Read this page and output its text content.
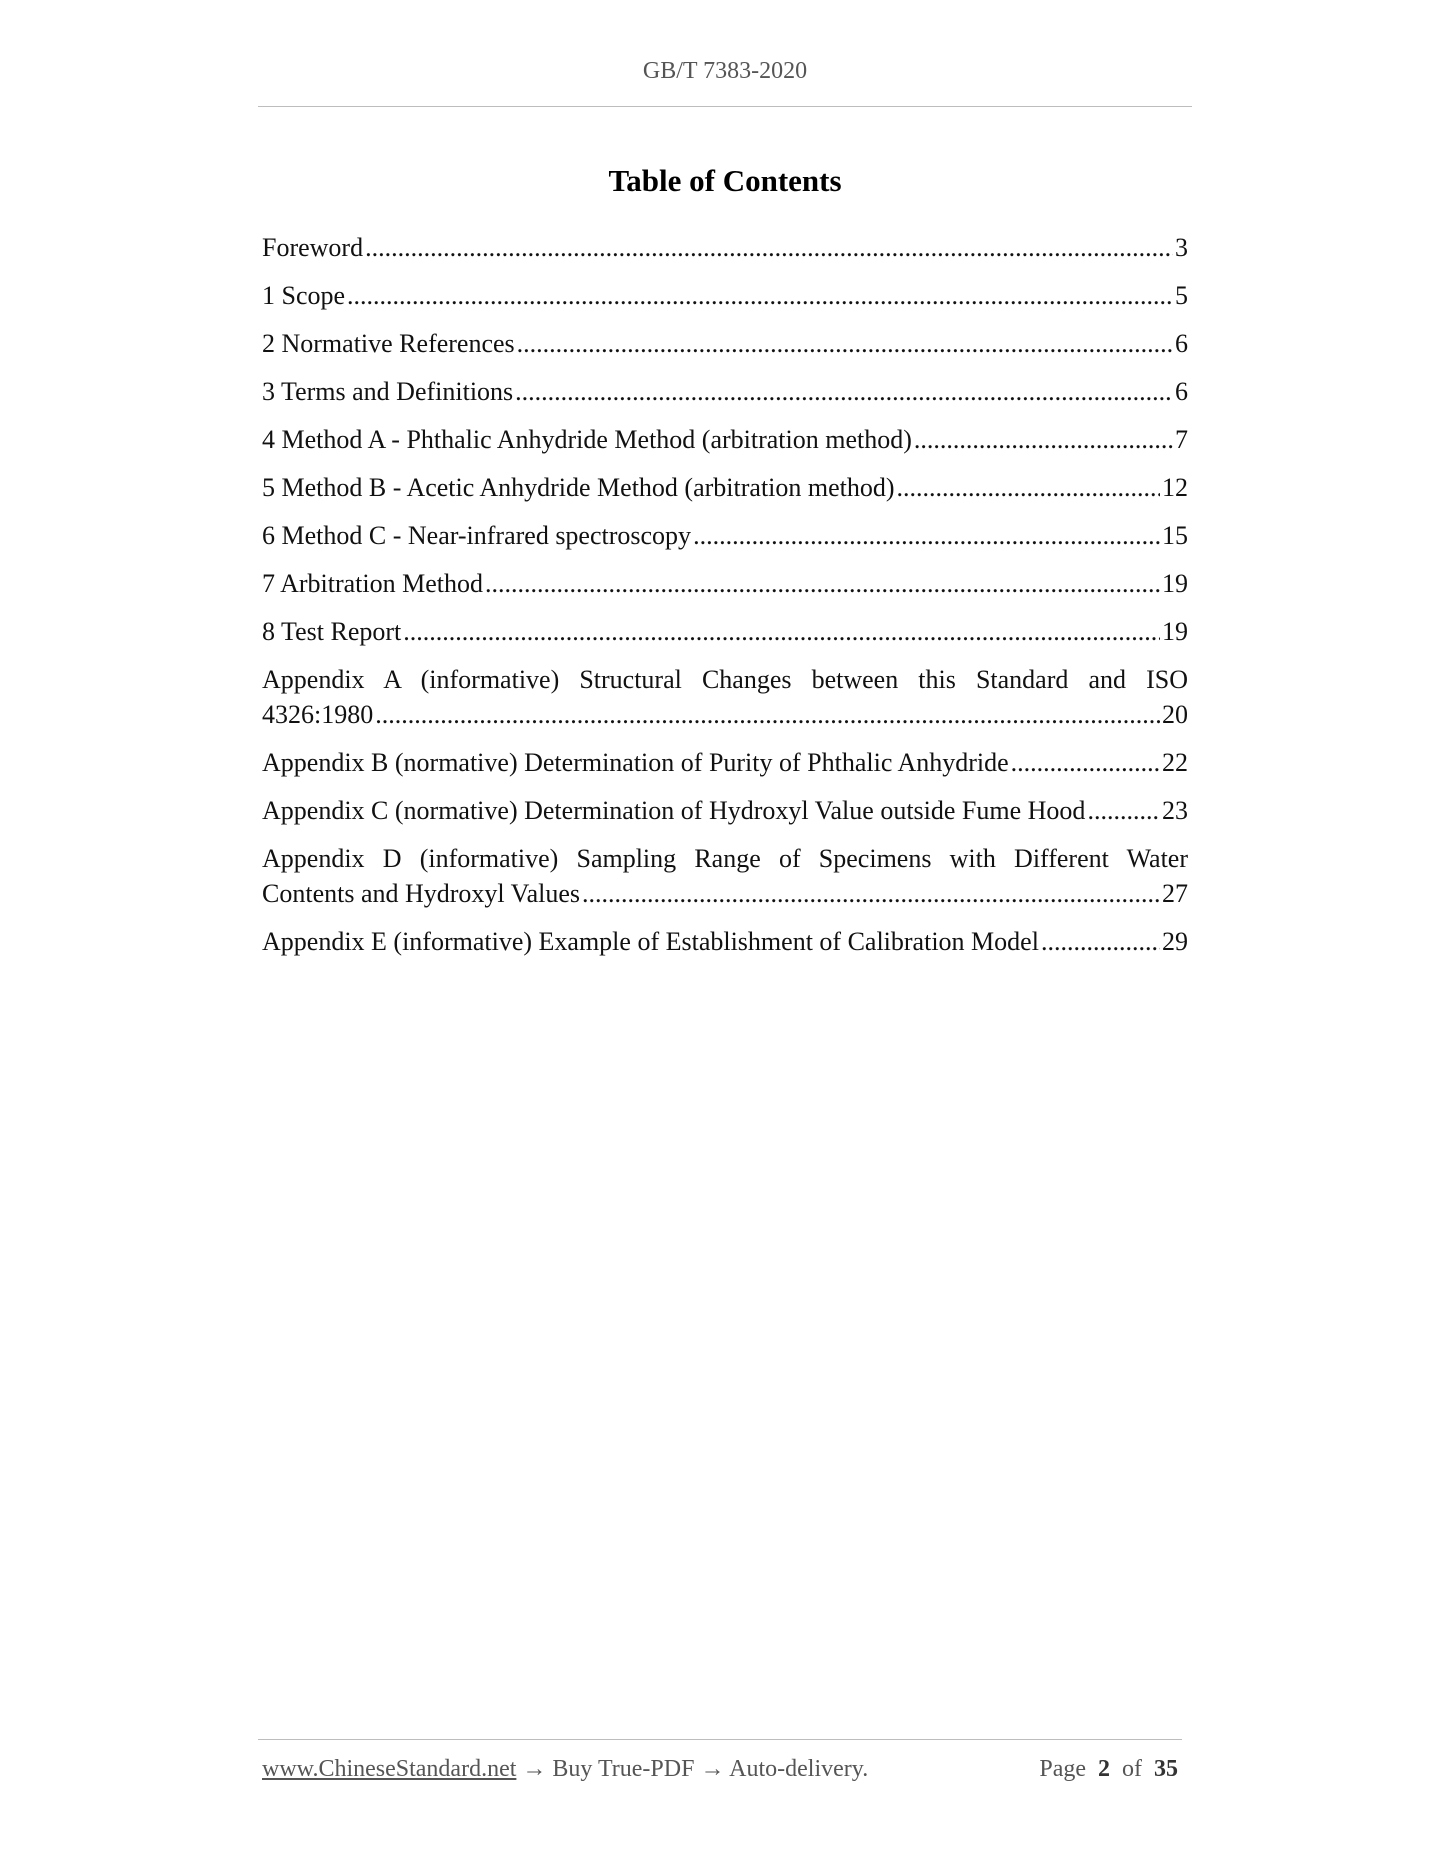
GB/T 7383-2020
Table of Contents
Foreword .....	3
1 Scope .....	5
2 Normative References .....	6
3 Terms and Definitions .....	6
4 Method A - Phthalic Anhydride Method (arbitration method) .....	7
5 Method B - Acetic Anhydride Method (arbitration method) .....	12
6 Method C - Near-infrared spectroscopy .....	15
7 Arbitration Method .....	19
8 Test Report .....	19
Appendix A (informative) Structural Changes between this Standard and ISO
4326:1980 .....	20
Appendix B (normative) Determination of Purity of Phthalic Anhydride .....	22
Appendix C (normative) Determination of Hydroxyl Value outside Fume Hood .....	23
Appendix D (informative) Sampling Range of Specimens with Different Water
Contents and Hydroxyl Values .....	27
Appendix E (informative) Example of Establishment of Calibration Model .....	29
www.ChineseStandard.net → Buy True-PDF → Auto-delivery.	Page 2 of 35
